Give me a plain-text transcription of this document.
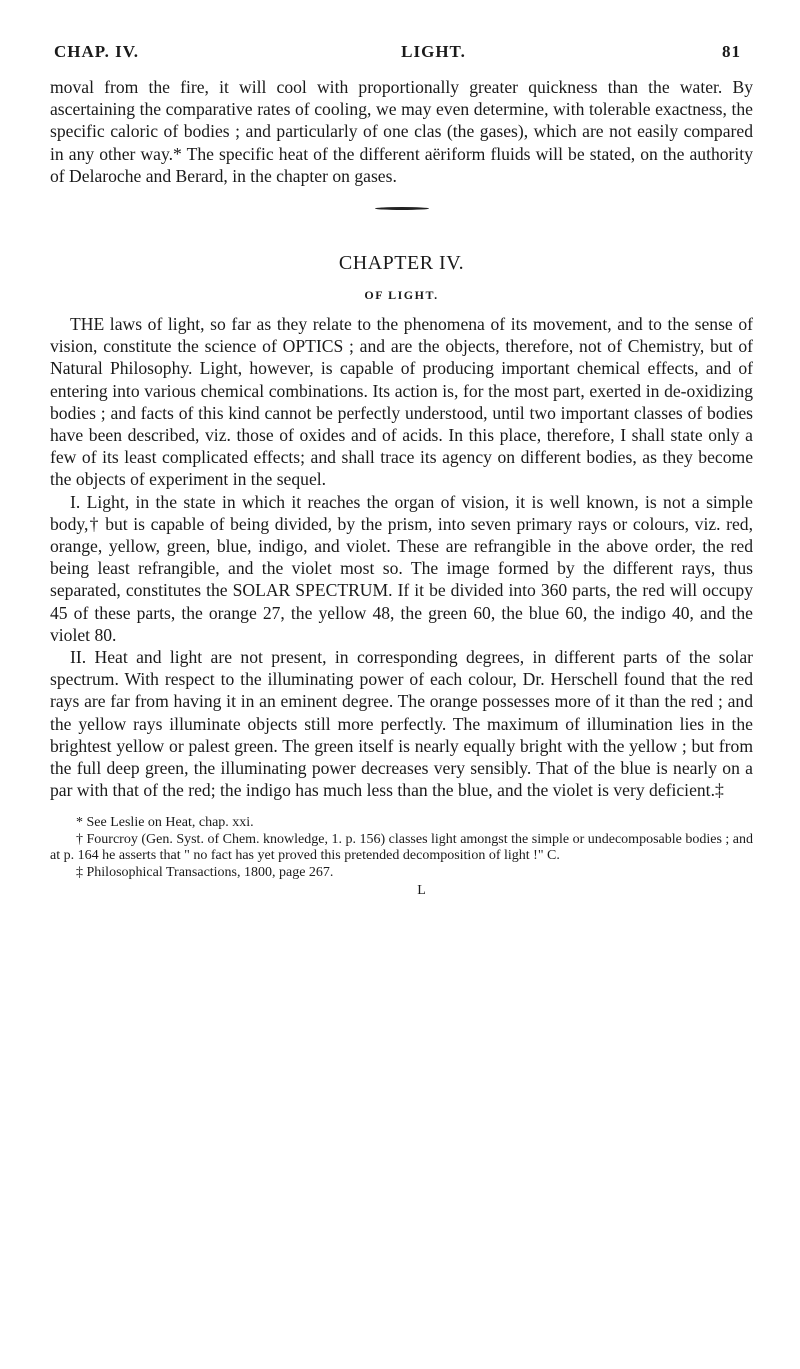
CHAP. IV.	LIGHT.	81

moval from the fire, it will cool with proportionally greater quickness than the water. By ascertaining the comparative rates of cooling, we may even determine, with tolerable exactness, the specific caloric of bodies ; and particularly of one clas (the gases), which are not easily compared in any other way.* The specific heat of the different aëriform fluids will be stated, on the authority of Delaroche and Berard, in the chapter on gases.

CHAPTER IV.
OF LIGHT.

THE laws of light, so far as they relate to the phenomena of its movement, and to the sense of vision, constitute the science of OPTICS ; and are the objects, therefore, not of Chemistry, but of Natural Philosophy. Light, however, is capable of producing important chemical effects, and of entering into various chemical combinations. Its action is, for the most part, exerted in de-oxidizing bodies ; and facts of this kind cannot be perfectly understood, until two important classes of bodies have been described, viz. those of oxides and of acids. In this place, therefore, I shall state only a few of its least complicated effects; and shall trace its agency on different bodies, as they become the objects of experiment in the sequel.

I. Light, in the state in which it reaches the organ of vision, it is well known, is not a simple body,† but is capable of being divided, by the prism, into seven primary rays or colours, viz. red, orange, yellow, green, blue, indigo, and violet. These are refrangible in the above order, the red being least refrangible, and the violet most so. The image formed by the different rays, thus separated, constitutes the SOLAR SPECTRUM. If it be divided into 360 parts, the red will occupy 45 of these parts, the orange 27, the yellow 48, the green 60, the blue 60, the indigo 40, and the violet 80.

II. Heat and light are not present, in corresponding degrees, in different parts of the solar spectrum. With respect to the illuminating power of each colour, Dr. Herschell found that the red rays are far from having it in an eminent degree. The orange possesses more of it than the red ; and the yellow rays illuminate objects still more perfectly. The maximum of illumination lies in the brightest yellow or palest green. The green itself is nearly equally bright with the yellow ; but from the full deep green, the illuminating power decreases very sensibly. That of the blue is nearly on a par with that of the red; the indigo has much less than the blue, and the violet is very deficient.‡

* See Leslie on Heat, chap. xxi.

† Fourcroy (Gen. Syst. of Chem. knowledge, 1. p. 156) classes light amongst the simple or undecomposable bodies ; and at p. 164 he asserts that " no fact has yet proved this pretended decomposition of light !" C.

‡ Philosophical Transactions, 1800, page 267.

L
